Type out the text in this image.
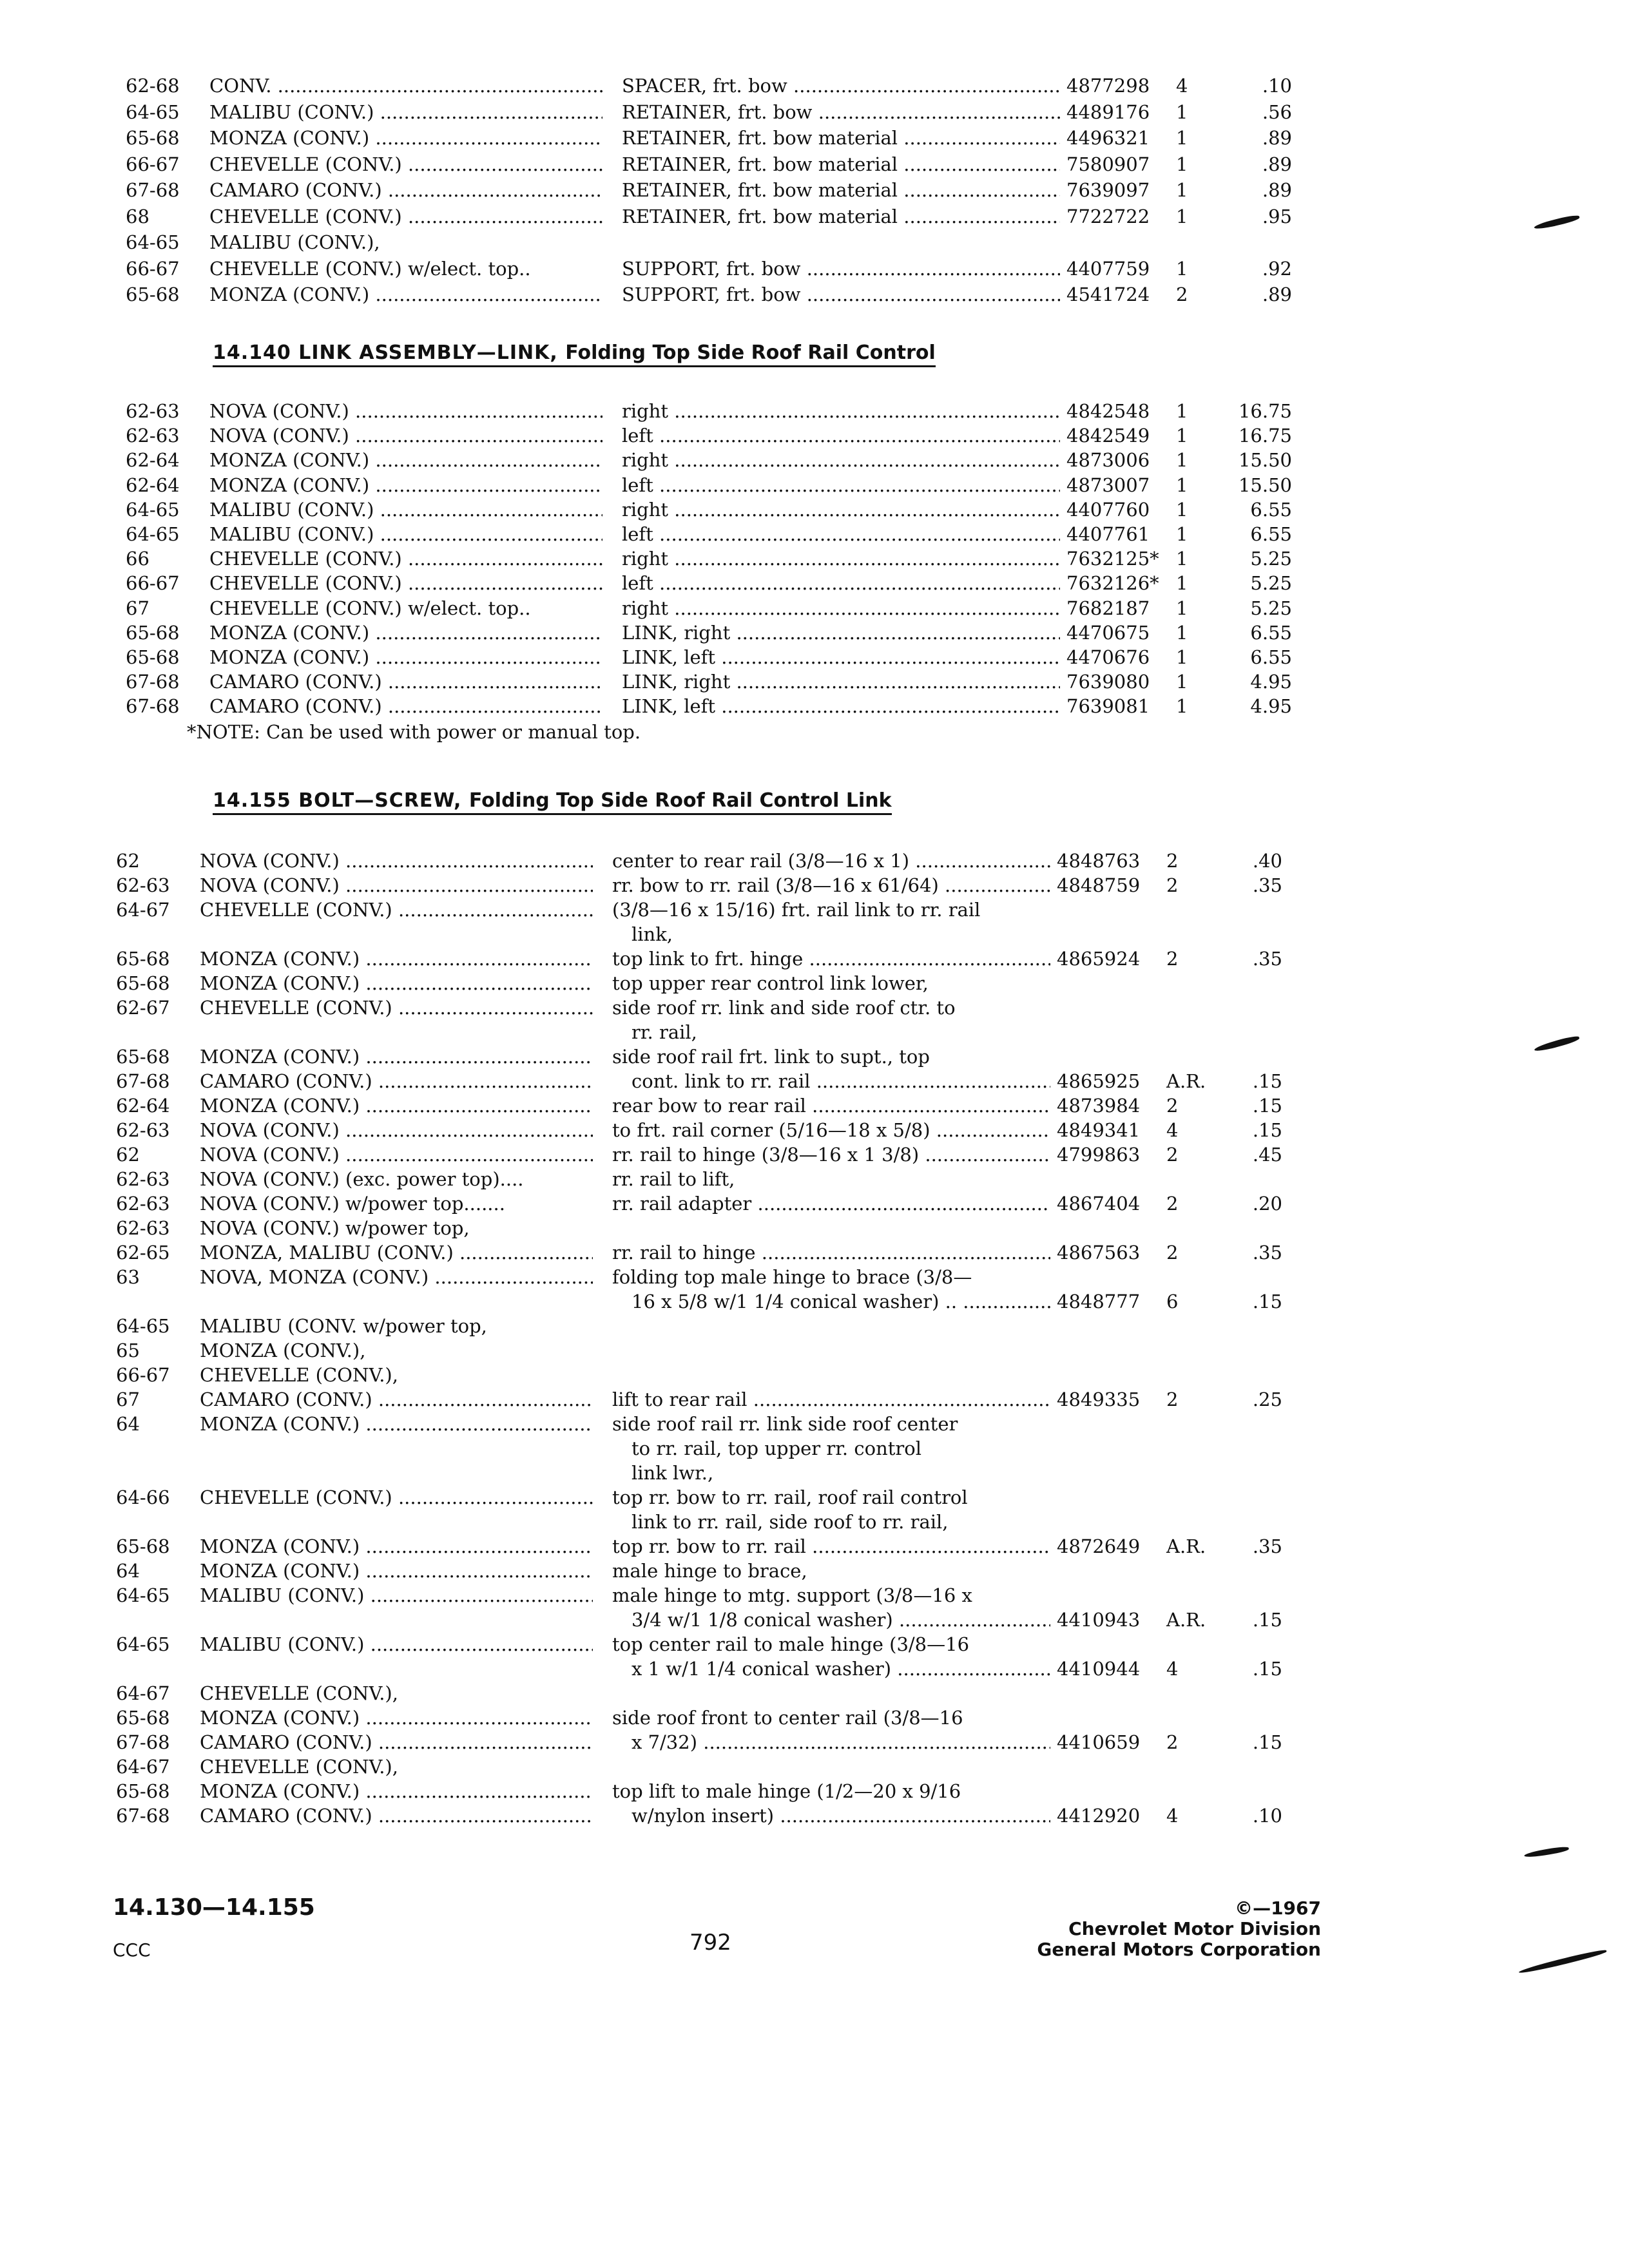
62-68 CONV. .....	SPACER, frt. bow .....	4877298 4	.10
64-65 MALIBU (CONV.) .....	RETAINER, frt. bow .....	4489176 1	.56
65-68 MONZA (CONV.) .....	RETAINER, frt. bow material .....	4496321 1	.89
66-67 CHEVELLE (CONV.) .....	RETAINER, frt. bow material .....	7580907 1	.89
67-68 CAMARO (CONV.) .....	RETAINER, frt. bow material .....	7639097 1	.89
68	CHEVELLE (CONV.) .....	RETAINER, frt. bow material .....	7722722 1	.95
64-65 MALIBU (CONV.),
66-67 CHEVELLE (CONV.) w/elect. top..	SUPPORT, frt. bow .....	4407759 1	.92
65-68 MONZA (CONV.) .....	SUPPORT, frt. bow .....	4541724 2	.89
14.140 LINK ASSEMBLY—LINK, Folding Top Side Roof Rail Control
62-63 NOVA (CONV.) .....	right .....	4842548 1	16.75
62-63 NOVA (CONV.) .....	left .....	4842549 1	16.75
62-64 MONZA (CONV.) .....	right .....	4873006 1	15.50
62-64 MONZA (CONV.) .....	left .....	4873007 1	15.50
64-65 MALIBU (CONV.) .....	right .....	4407760 1	6.55
64-65 MALIBU (CONV.) .....	left .....	4407761 1	6.55
66	CHEVELLE (CONV.) .....	right .....	7632125* 1	5.25
66-67 CHEVELLE (CONV.) .....	left .....	7632126* 1	5.25
67	CHEVELLE (CONV.) w/elect. top..	right .....	7682187 1	5.25
65-68 MONZA (CONV.) .....	LINK, right .....	4470675 1	6.55
65-68 MONZA (CONV.) .....	LINK, left .....	4470676 1	6.55
67-68 CAMARO (CONV.) .....	LINK, right .....	7639080 1	4.95
67-68 CAMARO (CONV.) .....	LINK, left .....	7639081 1	4.95
*NOTE: Can be used with power or manual top.
14.155 BOLT—SCREW, Folding Top Side Roof Rail Control Link
62	NOVA (CONV.) .....	center to rear rail (3/8—16 x 1) .....	4848763 2	.40
62-63 NOVA (CONV.) .....	rr. bow to rr. rail (3/8—16 x 61/64) .....	4848759 2	.35
64-67 CHEVELLE (CONV.) .....	(3/8—16 x 15/16) frt. rail link to rr. rail
link,
65-68 MONZA (CONV.) .....	top link to frt. hinge .....	4865924 2	.35
65-68 MONZA (CONV.) .....	top upper rear control link lower,
62-67 CHEVELLE (CONV.) .....	side roof rr. link and side roof ctr. to
rr. rail,
65-68 MONZA (CONV.) .....	side roof rail frt. link to supt., top
67-68 CAMARO (CONV.) .....	cont. link to rr. rail .....	4865925 A.R.	.15
62-64 MONZA (CONV.) .....	rear bow to rear rail .....	4873984 2	.15
62-63 NOVA (CONV.) .....	to frt. rail corner (5/16—18 x 5/8) .....	4849341 4	.15
62	NOVA (CONV.) .....	rr. rail to hinge (3/8—16 x 1 3/8) .....	4799863 2	.45
62-63 NOVA (CONV.) (exc. power top)....	rr. rail to lift,
62-63 NOVA (CONV.) w/power top.......	rr. rail adapter .....	4867404 2	.20
62-63 NOVA (CONV.) w/power top,
62-65 MONZA, MALIBU (CONV.) .....	rr. rail to hinge .....	4867563 2	.35
63	NOVA, MONZA (CONV.) .....	folding top male hinge to brace (3/8—
16 x 5/8 w/1 1/4 conical washer) .. .....	4848777 6	.15
64-65 MALIBU (CONV. w/power top,
65	MONZA (CONV.),
66-67 CHEVELLE (CONV.),
67	CAMARO (CONV.) .....	lift to rear rail .....	4849335 2	.25
64	MONZA (CONV.) .....	side roof rail rr. link side roof center
to rr. rail, top upper rr. control
link lwr.,
64-66 CHEVELLE (CONV.) .....	top rr. bow to rr. rail, roof rail control
link to rr. rail, side roof to rr. rail,
65-68 MONZA (CONV.) .....	top rr. bow to rr. rail .....	4872649 A.R.	.35
64	MONZA (CONV.) .....	male hinge to brace,
64-65 MALIBU (CONV.) .....	male hinge to mtg. support (3/8—16 x
3/4 w/1 1/8 conical washer) .....	4410943 A.R.	.15
64-65 MALIBU (CONV.) .....	top center rail to male hinge (3/8—16
x 1 w/1 1/4 conical washer) .....	4410944 4	.15
64-67 CHEVELLE (CONV.),
65-68 MONZA (CONV.) .....	side roof front to center rail (3/8—16
67-68 CAMARO (CONV.) .....	x 7/32) .....	4410659 2	.15
64-67 CHEVELLE (CONV.),
65-68 MONZA (CONV.) .....	top lift to male hinge (1/2—20 x 9/16
67-68 CAMARO (CONV.) .....	w/nylon insert) .....	4412920 4	.10
14.130—14.155
CCC	792
©—1967
Chevrolet Motor Division
General Motors Corporation
